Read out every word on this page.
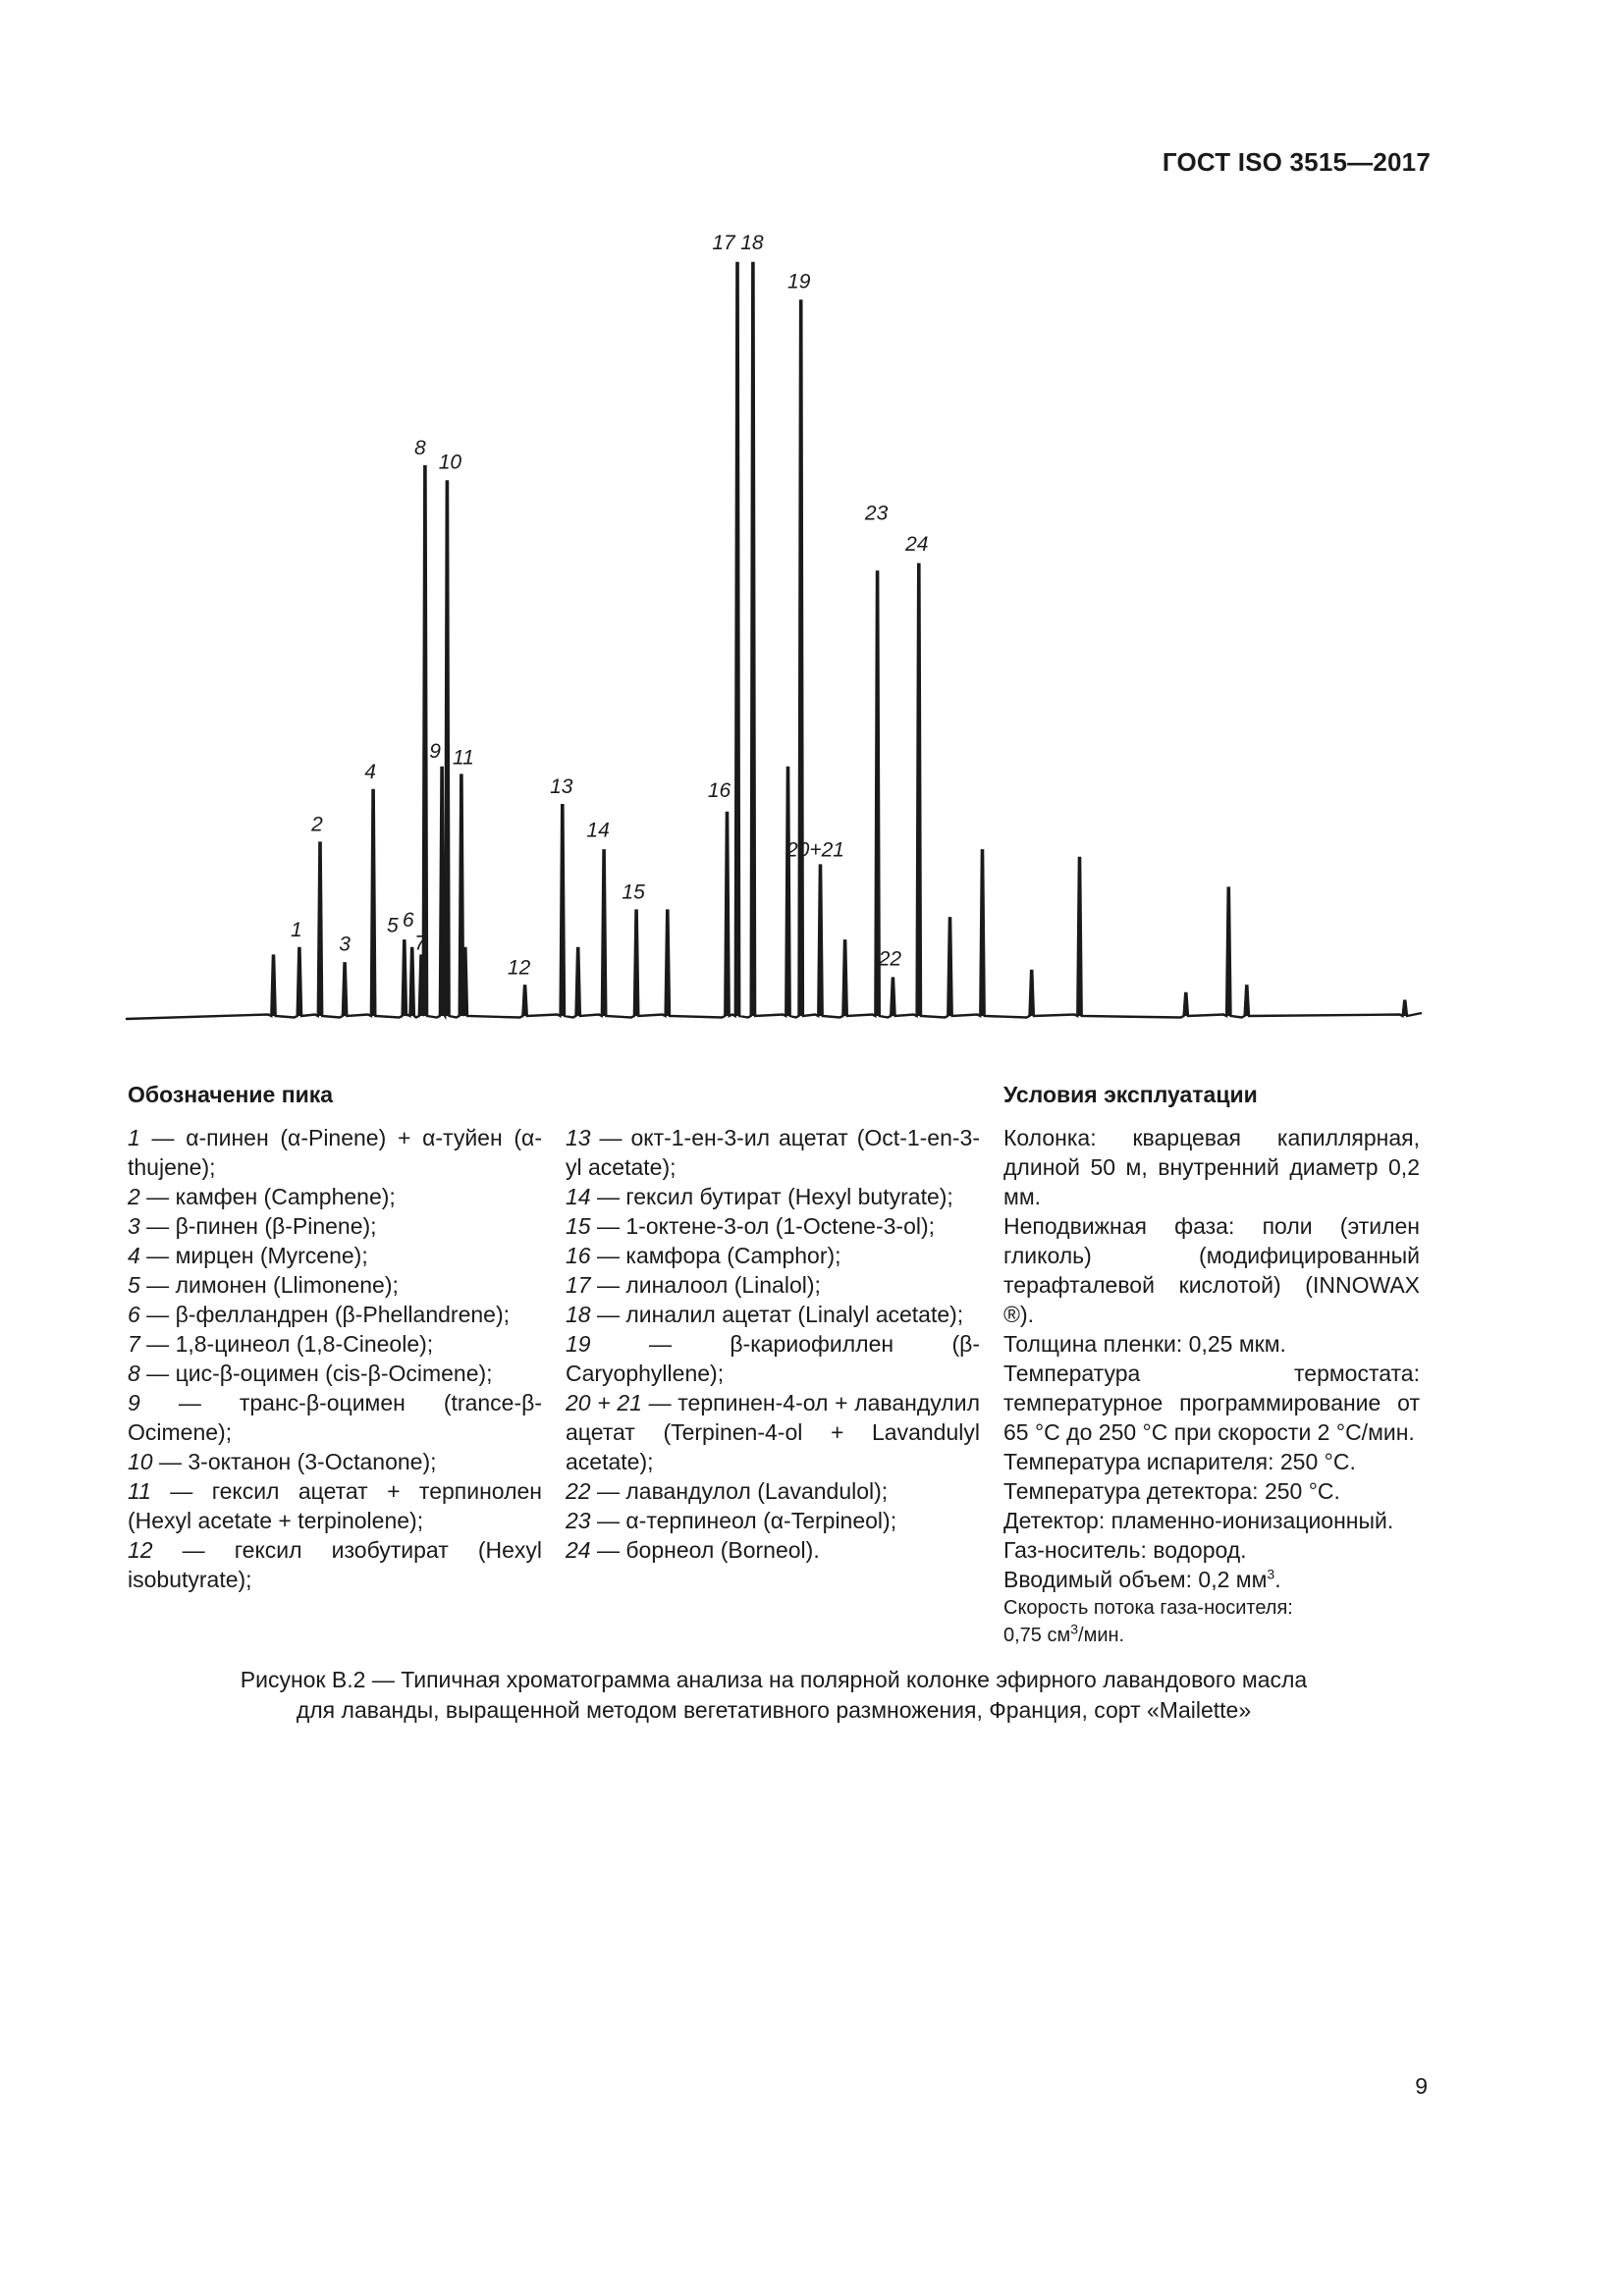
ГОСТ ISO 3515—2017
1
2
3
4
5 6
7
8
9
10
11
12
13
14
15
16
17 18
19
20+21
23
22
24
Обозначение пика
1 — α-пинен (α-Pinene) + α-туйен (α-thujene);
2 — камфен (Camphene);
3 — β-пинен (β-Pinene);
4 — мирцен (Myrcene);
5 — лимонен (Llimonene);
6 — β-фелландрен (β-Phellandrene);
7 — 1,8-цинеол (1,8-Cineole);
8 — цис-β-оцимен (cis-β-Ocimene);
9 — транс-β-оцимен (trance-β-Ocimene);
10 — 3-октанон (3-Octanone);
11 — гексил ацетат + терпинолен (Hexyl acetate + terpinolene);
12 — гексил изобутират (Hexyl isobutyrate);
13 — окт-1-ен-3-ил ацетат (Oct-1-en-3-yl acetate);
14 — гексил бутират (Hexyl butyrate);
15 — 1-октене-3-ол (1-Octene-3-ol);
16 — камфора (Camphor);
17 — линалоол (Linalol);
18 — линалил ацетат (Linalyl acetate);
19 — β-кариофиллен (β-Caryophyllene);
20 + 21 — терпинен-4-ол + лавандулил ацетат (Terpinen-4-ol + Lavandulyl acetate);
22 — лавандулол (Lavandulol);
23 — α-терпинеол (α-Terpineol);
24 — борнеол (Borneol).
Условия эксплуатации
Колонка: кварцевая капиллярная, длиной 50 м, внутренний диаметр 0,2 мм.
Неподвижная фаза: поли (этилен гликоль) (модифицированный терафталевой кислотой) (INNOWAX ®).
Толщина пленки: 0,25 мкм.
Температура термостата: температурное программирование от 65 °С до 250 °С при скорости 2 °С/мин.
Температура испарителя: 250 °С.
Температура детектора: 250 °С.
Детектор: пламенно-ионизационный.
Газ-носитель: водород.
Вводимый объем: 0,2 $мм^3$.
Скорость потока газа-носителя:
0,75 $см^3$/мин.
Рисунок В.2 — Типичная хроматограмма анализа на полярной колонке эфирного лавандового масла
для лаванды, выращенной методом вегетативного размножения, Франция, сорт «Mailette»
9
